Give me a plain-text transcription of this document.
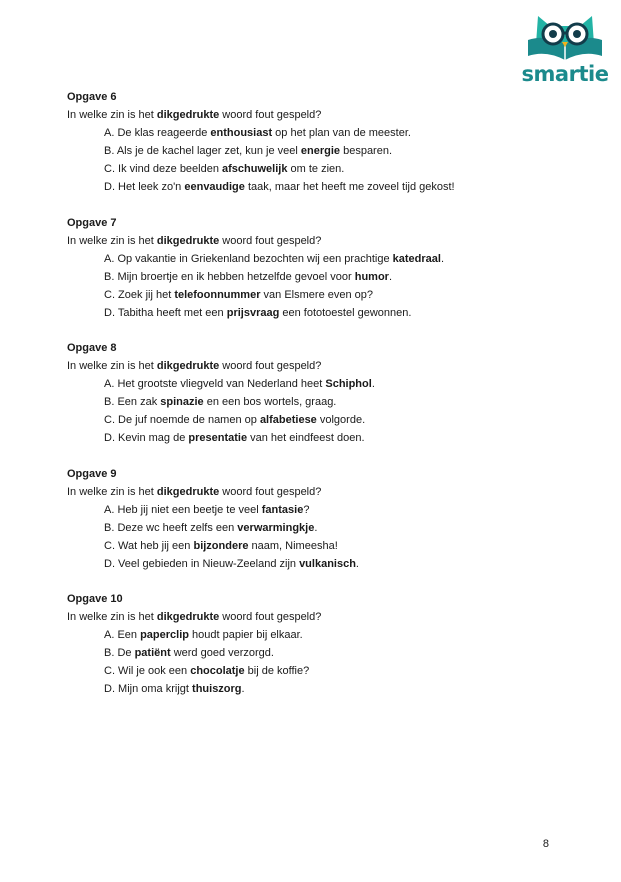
smartie
Opgave 6
In welke zin is het dikgedrukte woord fout gespeld?
A. De klas reageerde enthousiast op het plan van de meester.
B. Als je de kachel lager zet, kun je veel energie besparen.
C. Ik vind deze beelden afschuwelijk om te zien.
D. Het leek zo'n eenvaudige taak, maar het heeft me zoveel tijd gekost!
Opgave 7
In welke zin is het dikgedrukte woord fout gespeld?
A. Op vakantie in Griekenland bezochten wij een prachtige katedraal.
B. Mijn broertje en ik hebben hetzelfde gevoel voor humor.
C. Zoek jij het telefoonnummer van Elsmere even op?
D. Tabitha heeft met een prijsvraag een fototoestel gewonnen.
Opgave 8
In welke zin is het dikgedrukte woord fout gespeld?
A. Het grootste vliegveld van Nederland heet Schiphol.
B. Een zak spinazie en een bos wortels, graag.
C. De juf noemde de namen op alfabetiese volgorde.
D. Kevin mag de presentatie van het eindfeest doen.
Opgave 9
In welke zin is het dikgedrukte woord fout gespeld?
A. Heb jij niet een beetje te veel fantasie?
B. Deze wc heeft zelfs een verwarmingkje.
C. Wat heb jij een bijzondere naam, Nimeesha!
D. Veel gebieden in Nieuw-Zeeland zijn vulkanisch.
Opgave 10
In welke zin is het dikgedrukte woord fout gespeld?
A. Een paperclip houdt papier bij elkaar.
B. De patiënt werd goed verzorgd.
C. Wil je ook een chocolatje bij de koffie?
D. Mijn oma krijgt thuiszorg.
8
